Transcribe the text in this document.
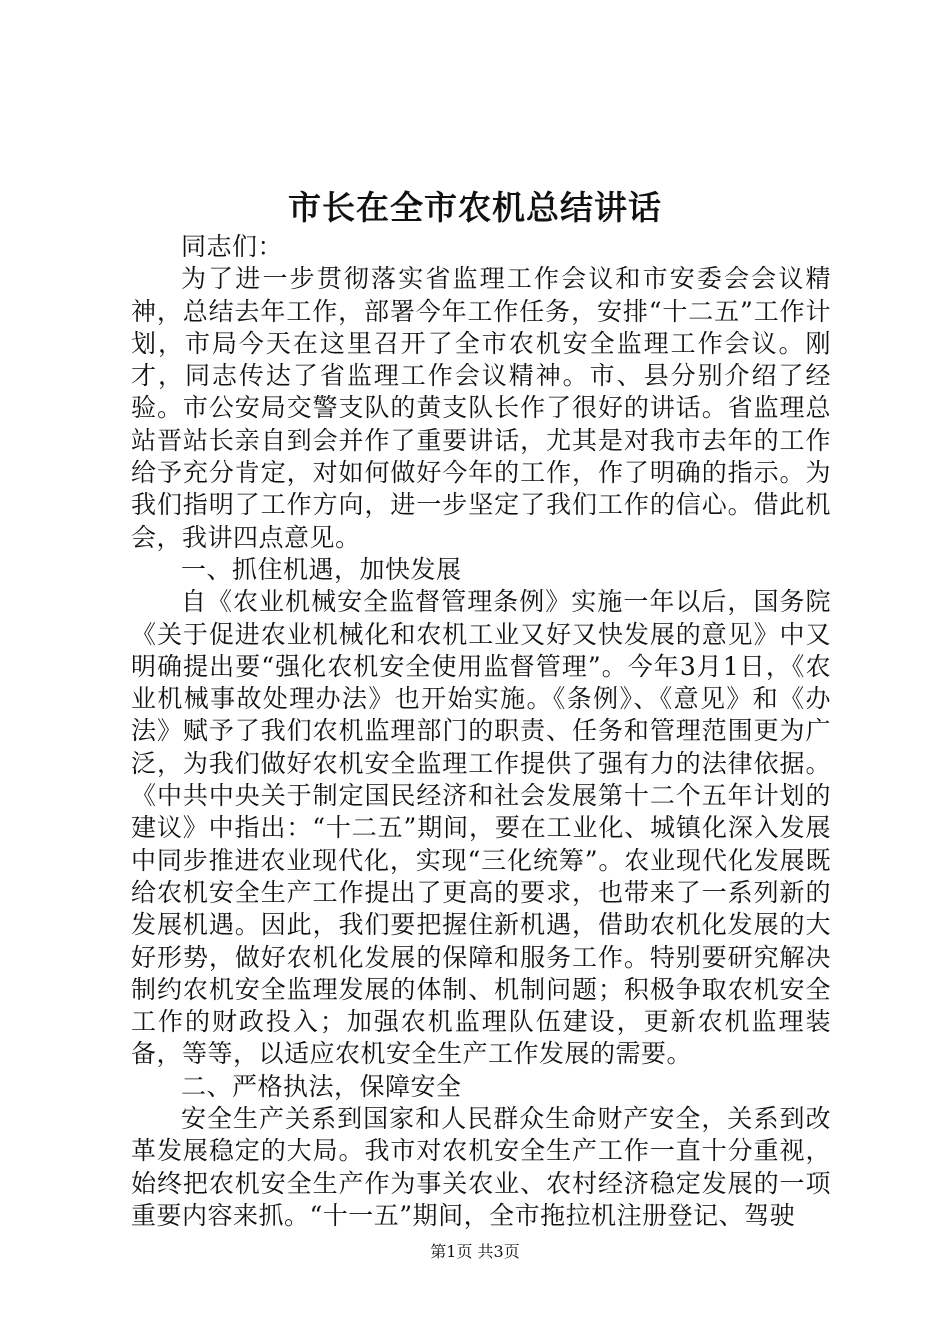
市长在全市农机总结讲话

同志们：

为了进一步贯彻落实省监理工作会议和市安委会会议精神，总结去年工作，部署今年工作任务，安排“十二五”工作计划，市局今天在这里召开了全市农机安全监理工作会议。刚才，同志传达了省监理工作会议精神。市、县分别介绍了经验。市公安局交警支队的黄支队长作了很好的讲话。省监理总站晋站长亲自到会并作了重要讲话，尤其是对我市去年的工作给予充分肯定，对如何做好今年的工作，作了明确的指示。为我们指明了工作方向，进一步坚定了我们工作的信心。借此机会，我讲四点意见。

一、抓住机遇，加快发展

自《农业机械安全监督管理条例》实施一年以后，国务院《关于促进农业机械化和农机工业又好又快发展的意见》中又明确提出要“强化农机安全使用监督管理”。今年3月1日，《农业机械事故处理办法》也开始实施。《条例》、《意见》和《办法》赋予了我们农机监理部门的职责、任务和管理范围更为广泛，为我们做好农机安全监理工作提供了强有力的法律依据。《中共中央关于制定国民经济和社会发展第十二个五年计划的建议》中指出：“十二五”期间，要在工业化、城镇化深入发展中同步推进农业现代化，实现“三化统筹”。农业现代化发展既给农机安全生产工作提出了更高的要求，也带来了一系列新的发展机遇。因此，我们要把握住新机遇，借助农机化发展的大好形势，做好农机化发展的保障和服务工作。特别要研究解决制约农机安全监理发展的体制、机制问题；积极争取农机安全工作的财政投入；加强农机监理队伍建设，更新农机监理装备，等等，以适应农机安全生产工作发展的需要。

二、严格执法，保障安全

安全生产关系到国家和人民群众生命财产安全，关系到改革发展稳定的大局。我市对农机安全生产工作一直十分重视，始终把农机安全生产作为事关农业、农村经济稳定发展的一项重要内容来抓。“十一五”期间，全市拖拉机注册登记、驾驶

第1页 共3页
